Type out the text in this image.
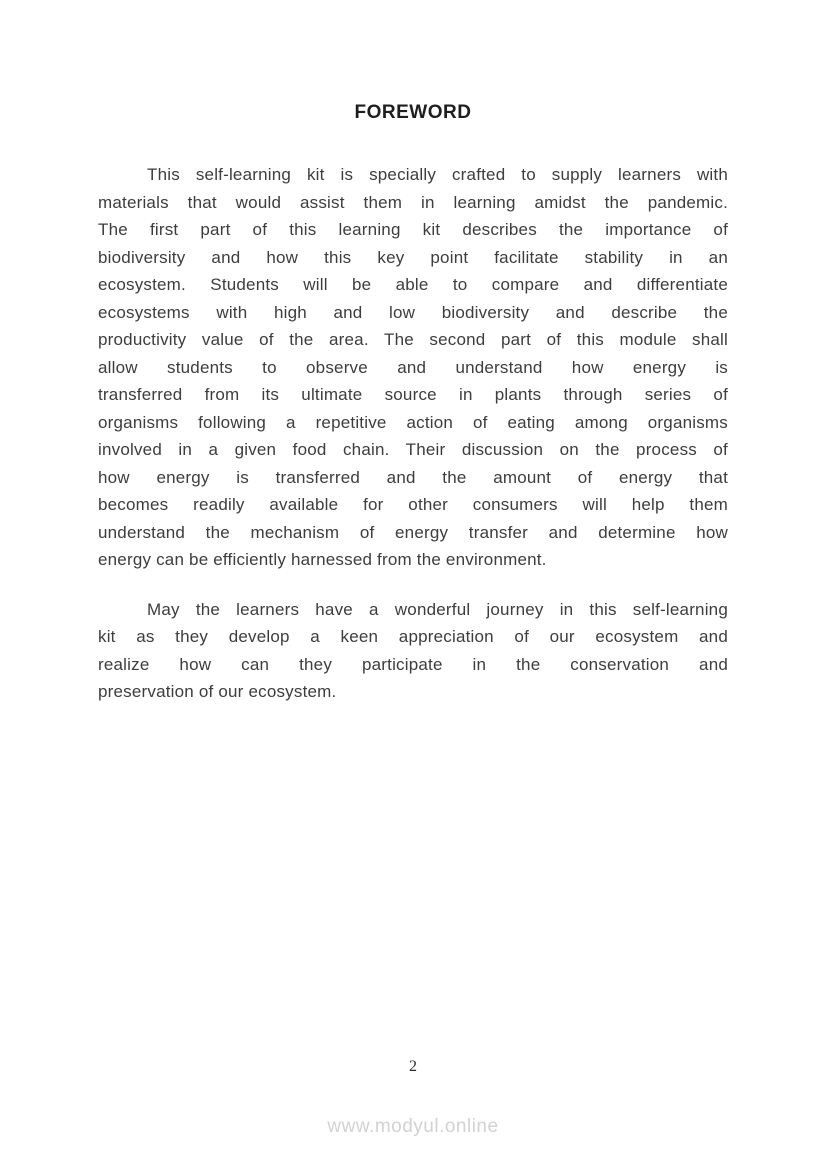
FOREWORD
This self-learning kit is specially crafted to supply learners with
materials that would assist them in learning amidst the pandemic.
The first part of this learning kit describes the importance of
biodiversity and how this key point facilitate stability in an
ecosystem. Students will be able to compare and differentiate
ecosystems with high and low biodiversity and describe the
productivity value of the area. The second part of this module shall
allow students to observe and understand how energy is
transferred from its ultimate source in plants through series of
organisms following a repetitive action of eating among organisms
involved in a given food chain. Their discussion on the process of
how energy is transferred and the amount of energy that
becomes readily available for other consumers will help them
understand the mechanism of energy transfer and determine how
energy can be efficiently harnessed from the environment.
May the learners have a wonderful journey in this self-learning
kit as they develop a keen appreciation of our ecosystem and
realize how can they participate in the conservation and
preservation of our ecosystem.
2
www.modyul.online
